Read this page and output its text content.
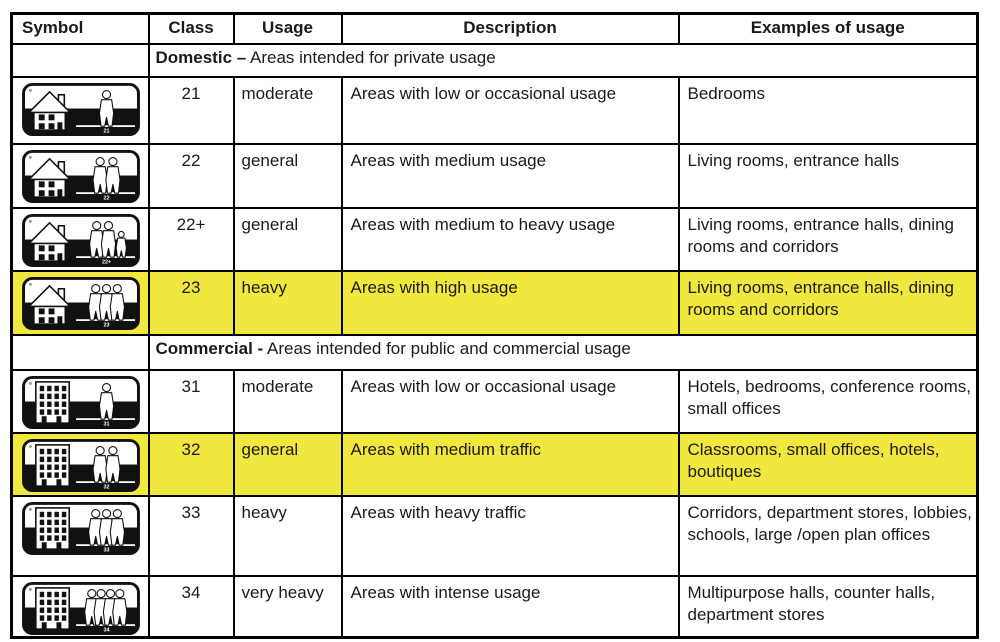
Symbol	Class	Usage	Description	Examples of usage
	Domestic – Areas intended for private usage			

21	21	moderate	Areas with low or occasional usage	Bedrooms

22	22	general	Areas with medium usage	Living rooms, entrance halls

22+	22+	general	Areas with medium to heavy usage	Living rooms, entrance halls, dining rooms and corridors

23	23	heavy	Areas with high usage	Living rooms, entrance halls, dining rooms and corridors
	Commercial - Areas intended for public and commercial usage			

31	31	moderate	Areas with low or occasional usage	Hotels, bedrooms, conference rooms, small offices

32	32	general	Areas with medium traffic	Classrooms, small offices, hotels, boutiques

33	33	heavy	Areas with heavy traffic	Corridors, department stores, lobbies, schools, large /open plan offices

34	34	very heavy	Areas with intense usage	Multipurpose halls, counter halls, department stores
